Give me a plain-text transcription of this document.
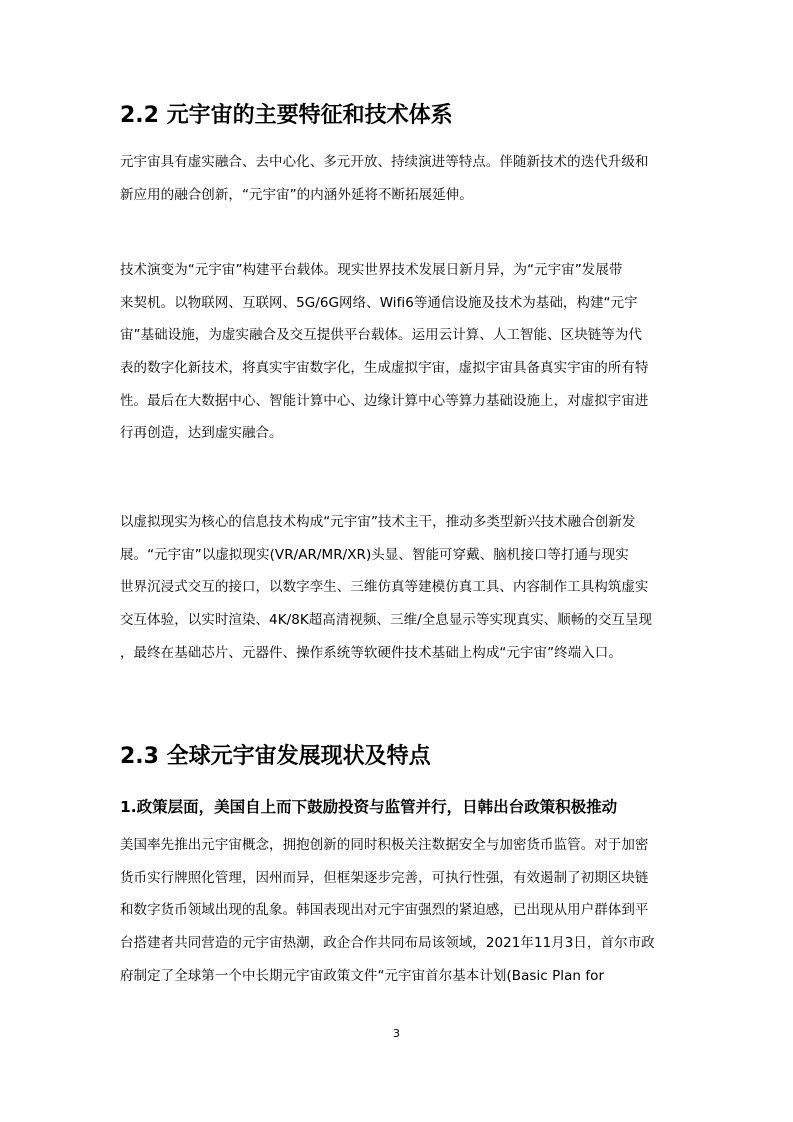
2.2 元宇宙的主要特征和技术体系

元宇宙具有虚实融合、去中心化、多元开放、持续演进等特点。伴随新技术的迭代升级和
新应用的融合创新，“元宇宙”的内涵外延将不断拓展延伸。

技术演变为“元宇宙”构建平台载体。现实世界技术发展日新月异，为“元宇宙”发展带
来契机。以物联网、互联网、5G/6G网络、Wifi6等通信设施及技术为基础，构建“元宇
宙”基础设施，为虚实融合及交互提供平台载体。运用云计算、人工智能、区块链等为代
表的数字化新技术，将真实宇宙数字化，生成虚拟宇宙，虚拟宇宙具备真实宇宙的所有特
性。最后在大数据中心、智能计算中心、边缘计算中心等算力基础设施上，对虚拟宇宙进
行再创造，达到虚实融合。

以虚拟现实为核心的信息技术构成“元宇宙”技术主干，推动多类型新兴技术融合创新发
展。“元宇宙”以虚拟现实(VR/AR/MR/XR)头显、智能可穿戴、脑机接口等打通与现实
世界沉浸式交互的接口，以数字孪生、三维仿真等建模仿真工具、内容制作工具构筑虚实
交互体验，以实时渲染、4K/8K超高清视频、三维/全息显示等实现真实、顺畅的交互呈现
，最终在基础芯片、元器件、操作系统等软硬件技术基础上构成“元宇宙”终端入口。

2.3 全球元宇宙发展现状及特点
1.政策层面，美国自上而下鼓励投资与监管并行，日韩出台政策积极推动

美国率先推出元宇宙概念，拥抱创新的同时积极关注数据安全与加密货币监管。对于加密
货币实行牌照化管理，因州而异，但框架逐步完善，可执行性强，有效遏制了初期区块链
和数字货币领域出现的乱象。韩国表现出对元宇宙强烈的紧迫感，已出现从用户群体到平
台搭建者共同营造的元宇宙热潮，政企合作共同布局该领域，2021年11月3日，首尔市政
府制定了全球第一个中长期元宇宙政策文件“元宇宙首尔基本计划(Basic Plan for

3
